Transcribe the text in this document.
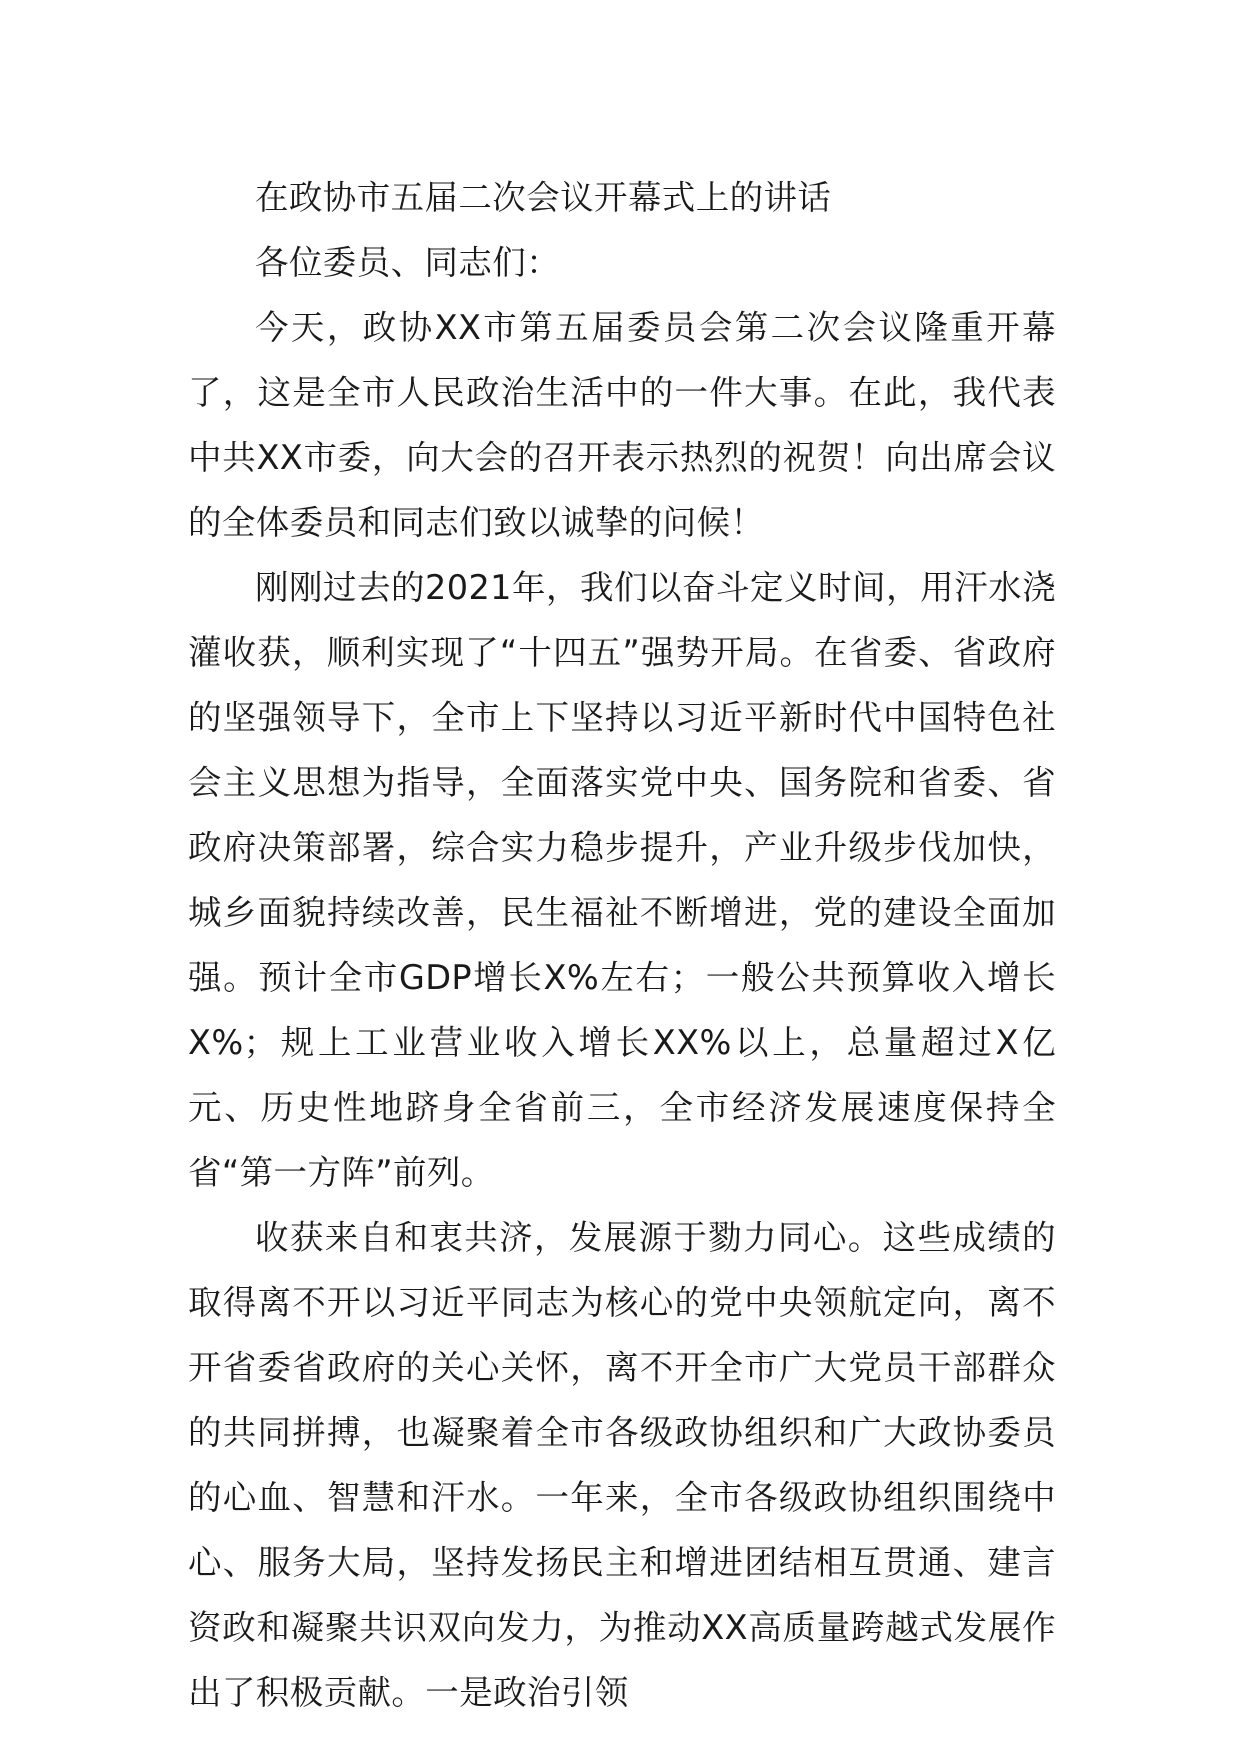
在政协市五届二次会议开幕式上的讲话

各位委员、同志们：

今天，政协XX市第五届委员会第二次会议隆重开幕了，这是全市人民政治生活中的一件大事。在此，我代表中共XX市委，向大会的召开表示热烈的祝贺！向出席会议的全体委员和同志们致以诚挚的问候！

刚刚过去的2021年，我们以奋斗定义时间，用汗水浇灌收获，顺利实现了“十四五”强势开局。在省委、省政府的坚强领导下，全市上下坚持以习近平新时代中国特色社会主义思想为指导，全面落实党中央、国务院和省委、省政府决策部署，综合实力稳步提升，产业升级步伐加快，城乡面貌持续改善，民生福祉不断增进，党的建设全面加强。预计全市GDP增长X%左右；一般公共预算收入增长X%；规上工业营业收入增长XX%以上，总量超过X亿元、历史性地跻身全省前三，全市经济发展速度保持全省“第一方阵”前列。

收获来自和衷共济，发展源于勠力同心。这些成绩的取得离不开以习近平同志为核心的党中央领航定向，离不开省委省政府的关心关怀，离不开全市广大党员干部群众的共同拼搏，也凝聚着全市各级政协组织和广大政协委员的心血、智慧和汗水。一年来，全市各级政协组织围绕中心、服务大局，坚持发扬民主和增进团结相互贯通、建言资政和凝聚共识双向发力，为推动XX高质量跨越式发展作出了积极贡献。一是政治引领
